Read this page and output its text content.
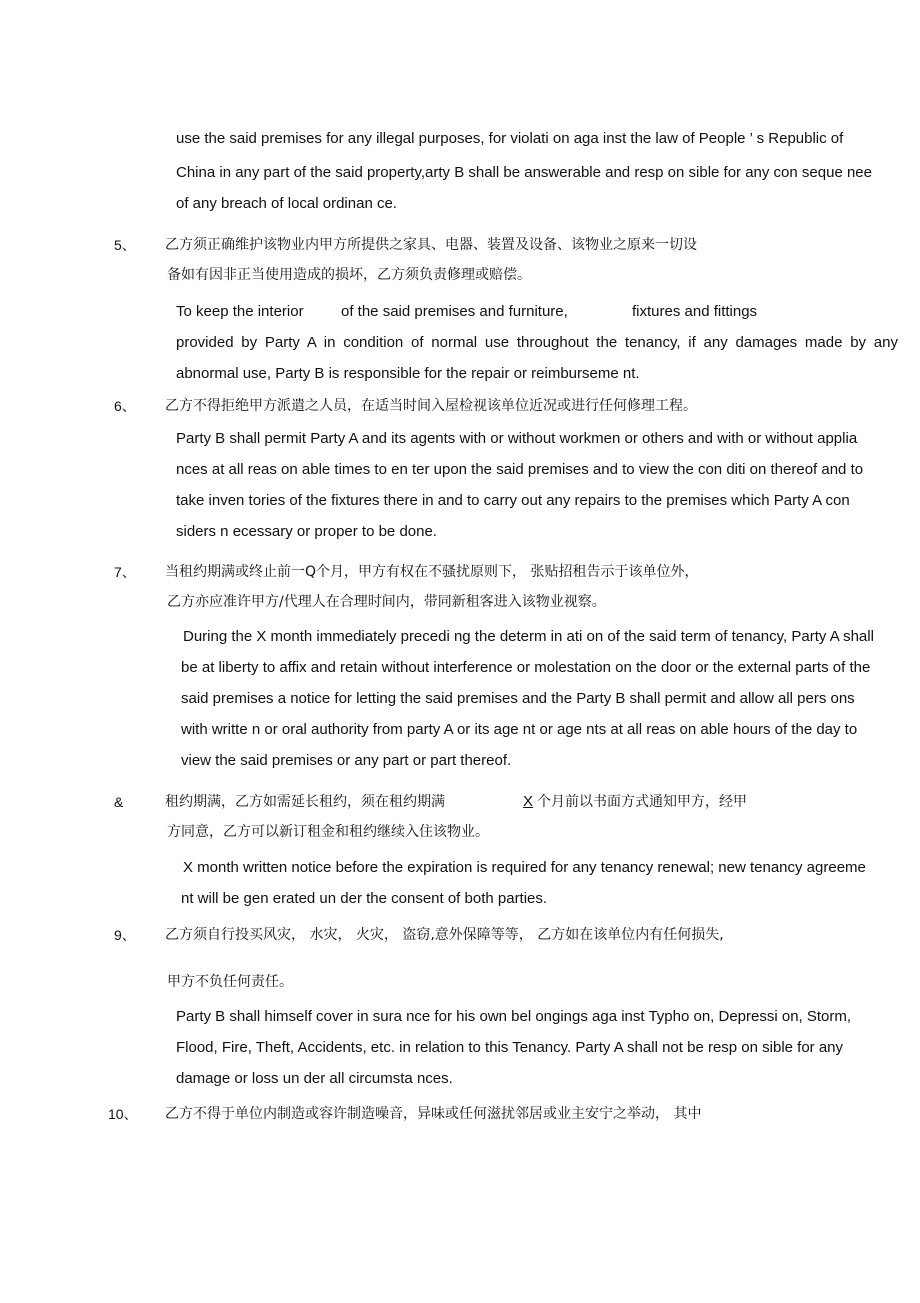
use the said premises for any illegal purposes, for violati on aga inst the law of People ’ s Republic of
China in any part of the said property,arty B shall be answerable and resp on sible for any con seque nee
of any breach of local ordinan ce.
5、 乙方须正确维护该物业内甲方所提供之家具、电器、装置及设备、该物业之原来一切设
备如有因非正当使用造成的损坏，乙方须负责修理或赔偿。
To keep the interior of the said premises and furniture,	fixtures and fittings
provided by Party A in condition of normal use throughout the tenancy, if any damages made by any
abnormal use, Party B is responsible for the repair or reimburseme nt.
6、 乙方不得拒绝甲方派遣之人员，在适当时间入屋检视该单位近况或进行任何修理工程。
Party B shall permit Party A and its agents with or without workmen or others and with or without applia
nces at all reas on able times to en ter upon the said premises and to view the con diti on thereof and to
take inven tories of the fixtures there in and to carry out any repairs to the premises which Party A con
siders n ecessary or proper to be done.
7、 当租约期满或终止前一Q个月，甲方有权在不骚扰原则下， 张贴招租告示于该单位外，
乙方亦应准许甲方/代理人在合理时间内，带同新租客进入该物业视察。
During the X month immediately precedi ng the determ in ati on of the said term of tenancy, Party A shall
be at liberty to affix and retain without interference or molestation on the door or the external parts of the
said premises a notice for letting the said premises and the Party B shall permit and allow all pers ons
with writte n or oral authority from party A or its age nt or age nts at all reas on able hours of the day to
view the said premises or any part or part thereof.
&	租约期满，乙方如需延长租约，须在租约期满	X 个月前以书面方式通知甲方，经甲
方同意，乙方可以新订租金和租约继续入住该物业。
X month written notice before the expiration is required for any tenancy renewal; new tenancy agreeme
nt will be gen erated un der the consent of both parties.
9、 乙方须自行投买风灾， 水灾， 火灾， 盗窃,意外保障等等， 乙方如在该单位内有任何损失,
甲方不负任何责任。
Party B shall himself cover in sura nce for his own bel ongings aga inst Typho on, Depressi on, Storm,
Flood, Fire, Theft, Accidents, etc. in relation to this Tenancy. Party A shall not be resp on sible for any
damage or loss un der all circumsta nces.
10、 乙方不得于单位内制造或容许制造噪音，异味或任何滋扰邻居或业主安宁之举动， 其中
